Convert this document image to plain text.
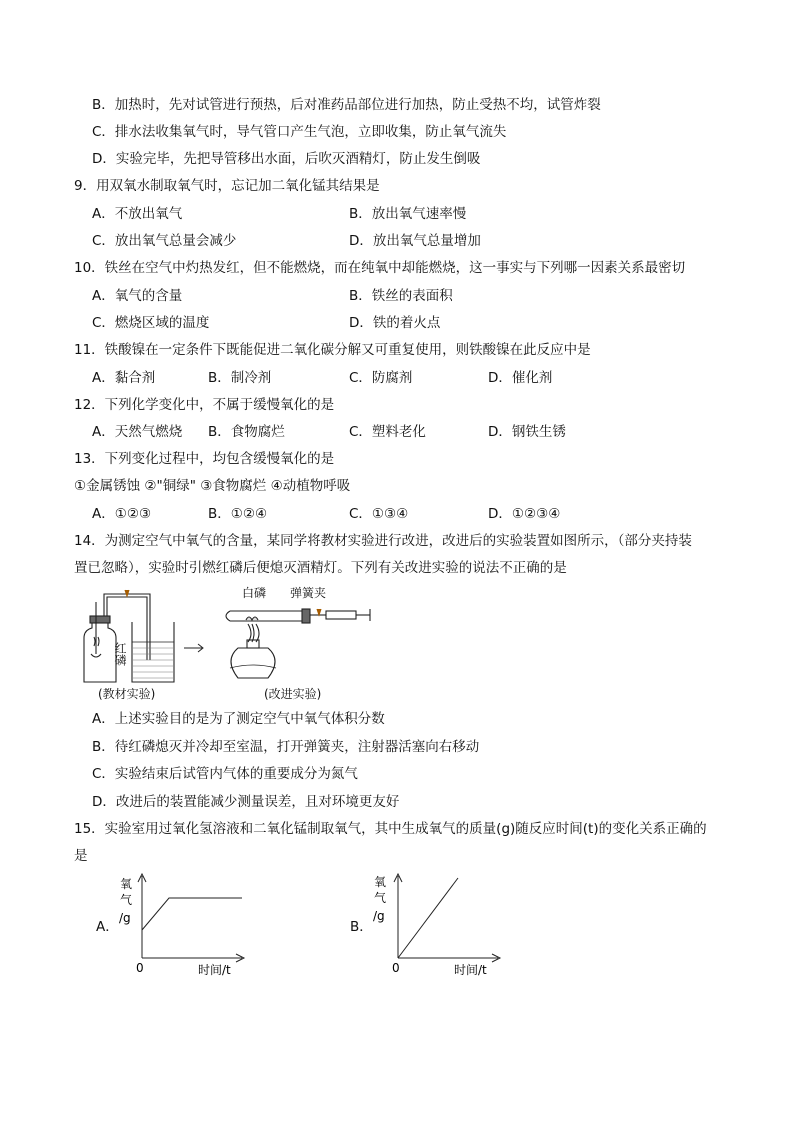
B．加热时，先对试管进行预热，后对准药品部位进行加热，防止受热不均，试管炸裂
C．排水法收集氧气时，导气管口产生气泡，立即收集，防止氧气流失
D．实验完毕，先把导管移出水面，后吹灭酒精灯，防止发生倒吸
9．用双氧水制取氧气时，忘记加二氧化锰其结果是
A．不放出氧气	B．放出氧气速率慢
C．放出氧气总量会减少	D．放出氧气总量增加
10．铁丝在空气中灼热发红，但不能燃烧，而在纯氧中却能燃烧，这一事实与下列哪一因素关系最密切
A．氧气的含量	B．铁丝的表面积
C．燃烧区域的温度	D．铁的着火点
11．铁酸镍在一定条件下既能促进二氧化碳分解又可重复使用，则铁酸镍在此反应中是
A．黏合剂	B．制冷剂	C．防腐剂	D．催化剂
12．下列化学变化中，不属于缓慢氧化的是
A．天然气燃烧 B．食物腐烂	C．塑料老化	D．钢铁生锈
13．下列变化过程中，均包含缓慢氧化的是
①金属锈蚀 ②"铜绿" ③食物腐烂 ④动植物呼吸
A．①②③	B．①②④	C．①③④	D．①②③④
14．为测定空气中氧气的含量，某同学将教材实验进行改进，改进后的实验装置如图所示，（部分夹持装
置已忽略），实验时引燃红磷后便熄灭酒精灯。下列有关改进实验的说法不正确的是
红磷
白磷 弹簧夹
(教材实验)	(改进实验)
A．上述实验目的是为了测定空气中氧气体积分数
B．待红磷熄灭并冷却至室温，打开弹簧夹，注射器活塞向右移动
C．实验结束后试管内气体的重要成分为氮气
D．改进后的装置能减少测量误差，且对环境更友好
15．实验室用过氧化氢溶液和二氧化锰制取氧气，其中生成氧气的质量(g)随反应时间(t)的变化关系正确的
是
A．	B．
氧
气
/g
0	时间/t
氧
气
/g
0	时间/t
